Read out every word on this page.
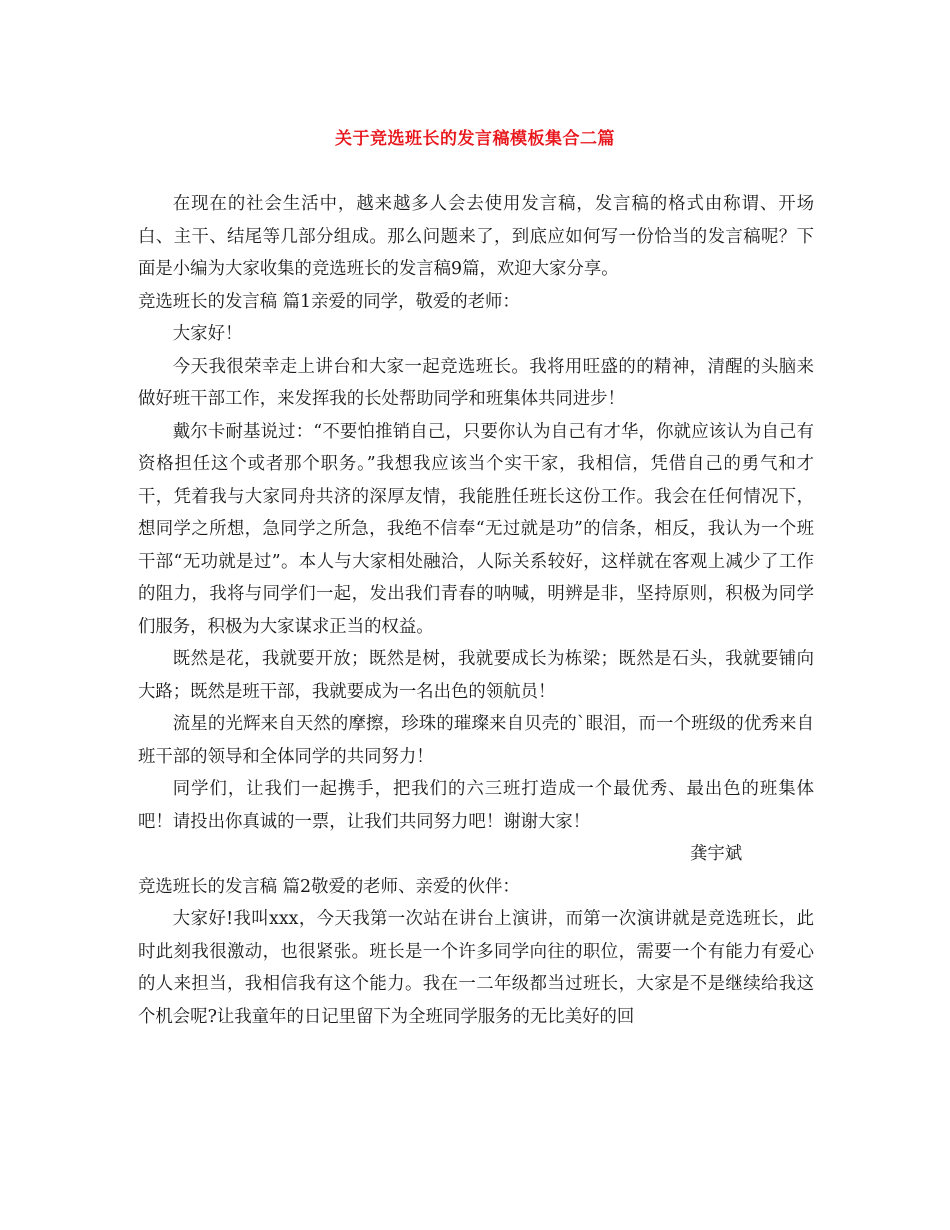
关于竞选班长的发言稿模板集合二篇

在现在的社会生活中，越来越多人会去使用发言稿，发言稿的格式由称谓、开场白、主干、结尾等几部分组成。那么问题来了，到底应如何写一份恰当的发言稿呢？下面是小编为大家收集的竞选班长的发言稿9篇，欢迎大家分享。

竞选班长的发言稿 篇1亲爱的同学，敬爱的老师：

大家好！

今天我很荣幸走上讲台和大家一起竞选班长。我将用旺盛的的精神，清醒的头脑来做好班干部工作，来发挥我的长处帮助同学和班集体共同进步！

戴尔卡耐基说过：“不要怕推销自己，只要你认为自己有才华，你就应该认为自己有资格担任这个或者那个职务。”我想我应该当个实干家，我相信，凭借自己的勇气和才干，凭着我与大家同舟共济的深厚友情，我能胜任班长这份工作。我会在任何情况下，想同学之所想，急同学之所急，我绝不信奉“无过就是功”的信条，相反，我认为一个班干部“无功就是过”。本人与大家相处融洽，人际关系较好，这样就在客观上减少了工作的阻力，我将与同学们一起，发出我们青春的呐喊，明辨是非，坚持原则，积极为同学们服务，积极为大家谋求正当的权益。

既然是花，我就要开放；既然是树，我就要成长为栋梁；既然是石头，我就要铺向大路；既然是班干部，我就要成为一名出色的领航员！

流星的光辉来自天然的摩擦，珍珠的璀璨来自贝壳的`眼泪，而一个班级的优秀来自班干部的领导和全体同学的共同努力！

同学们，让我们一起携手，把我们的六三班打造成一个最优秀、最出色的班集体吧！请投出你真诚的一票，让我们共同努力吧！谢谢大家！

龚宇斌

竞选班长的发言稿 篇2敬爱的老师、亲爱的伙伴：

大家好!我叫xxx，今天我第一次站在讲台上演讲，而第一次演讲就是竞选班长，此时此刻我很激动，也很紧张。班长是一个许多同学向往的职位，需要一个有能力有爱心的人来担当，我相信我有这个能力。我在一二年级都当过班长，大家是不是继续给我这个机会呢?让我童年的日记里留下为全班同学服务的无比美好的回
